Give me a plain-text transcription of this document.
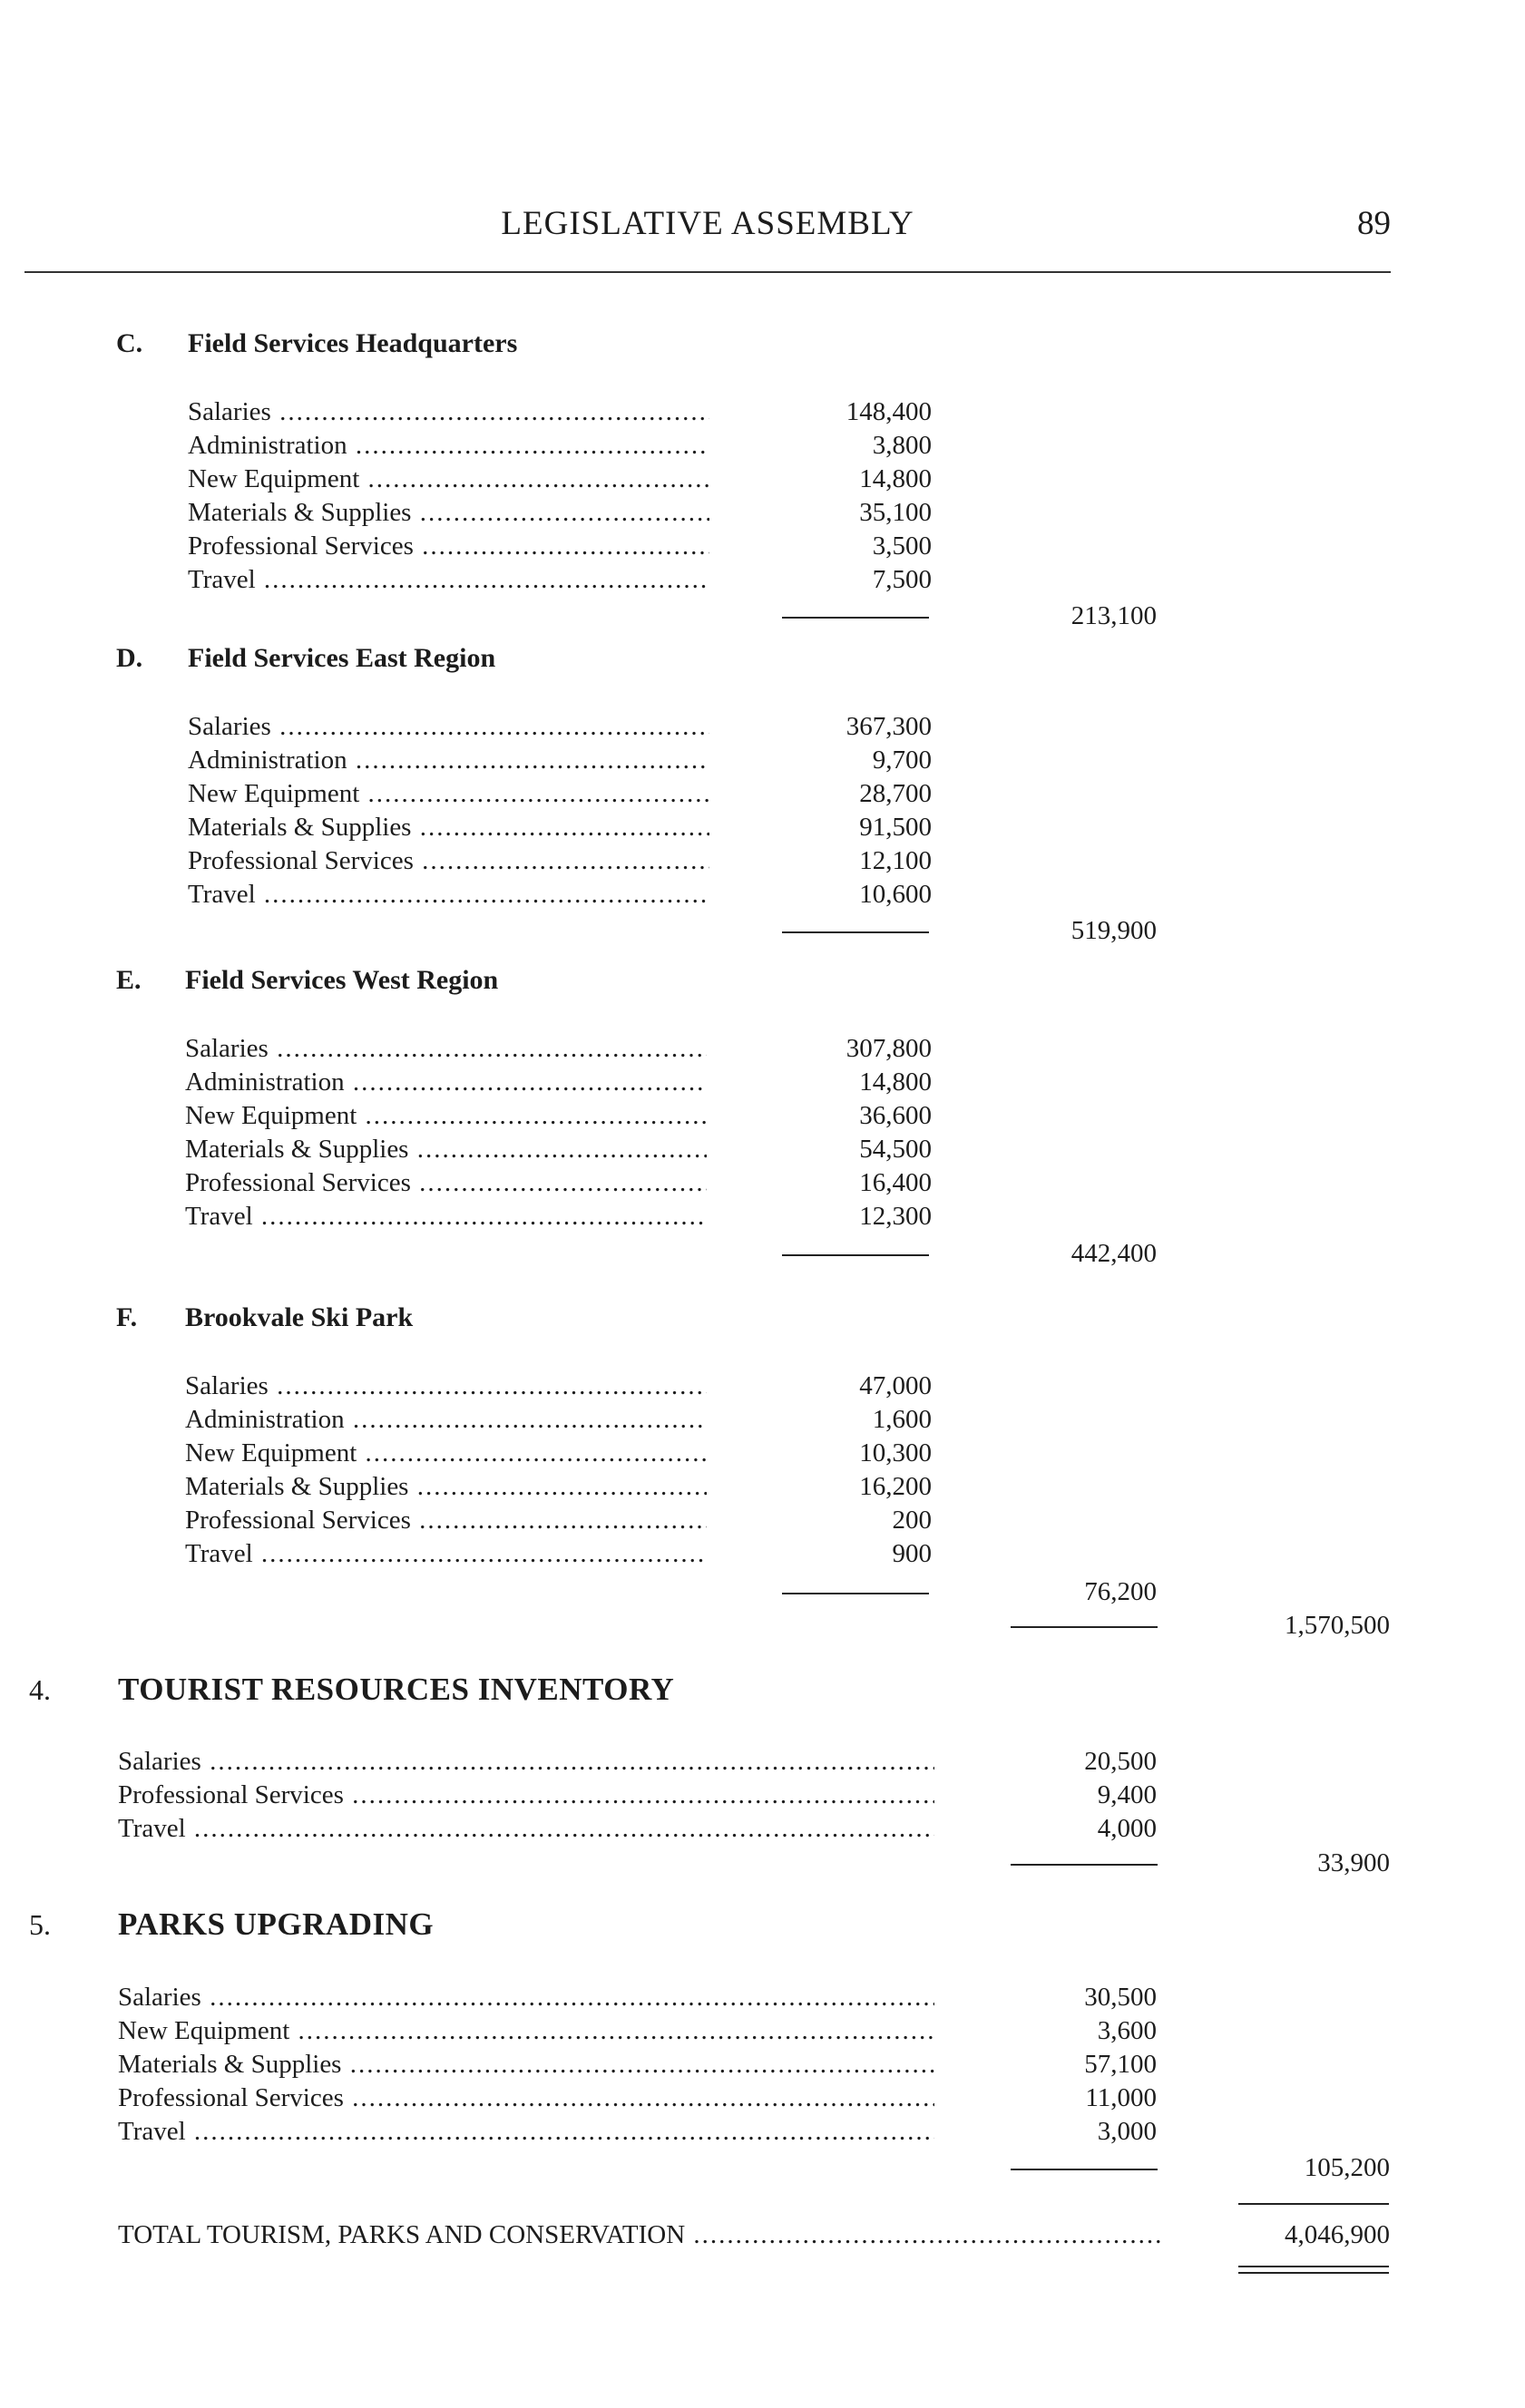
LEGISLATIVE ASSEMBLY	89
C. Field Services Headquarters
Salaries .....	148,400
Administration .....	3,800
New Equipment .....	14,800
Materials & Supplies .....	35,100
Professional Services .....	3,500
Travel .....	7,500
213,100
D. Field Services East Region
Salaries .....	367,300
Administration .....	9,700
New Equipment .....	28,700
Materials & Supplies .....	91,500
Professional Services .....	12,100
Travel .....	10,600
519,900
E. Field Services West Region
Salaries .....	307,800
Administration .....	14,800
New Equipment .....	36,600
Materials & Supplies .....	54,500
Professional Services .....	16,400
Travel .....	12,300
442,400
F. Brookvale Ski Park
Salaries .....	47,000
Administration .....	1,600
New Equipment .....	10,300
Materials & Supplies .....	16,200
Professional Services .....	200
Travel .....	900
76,200
1,570,500
4. TOURIST RESOURCES INVENTORY
Salaries .....	20,500
Professional Services .....	9,400
Travel .....	4,000
33,900
5. PARKS UPGRADING
Salaries .....	30,500
New Equipment .....	3,600
Materials & Supplies .....	57,100
Professional Services .....	11,000
Travel .....	3,000
105,200
TOTAL TOURISM, PARKS AND CONSERVATION .....	4,046,900
